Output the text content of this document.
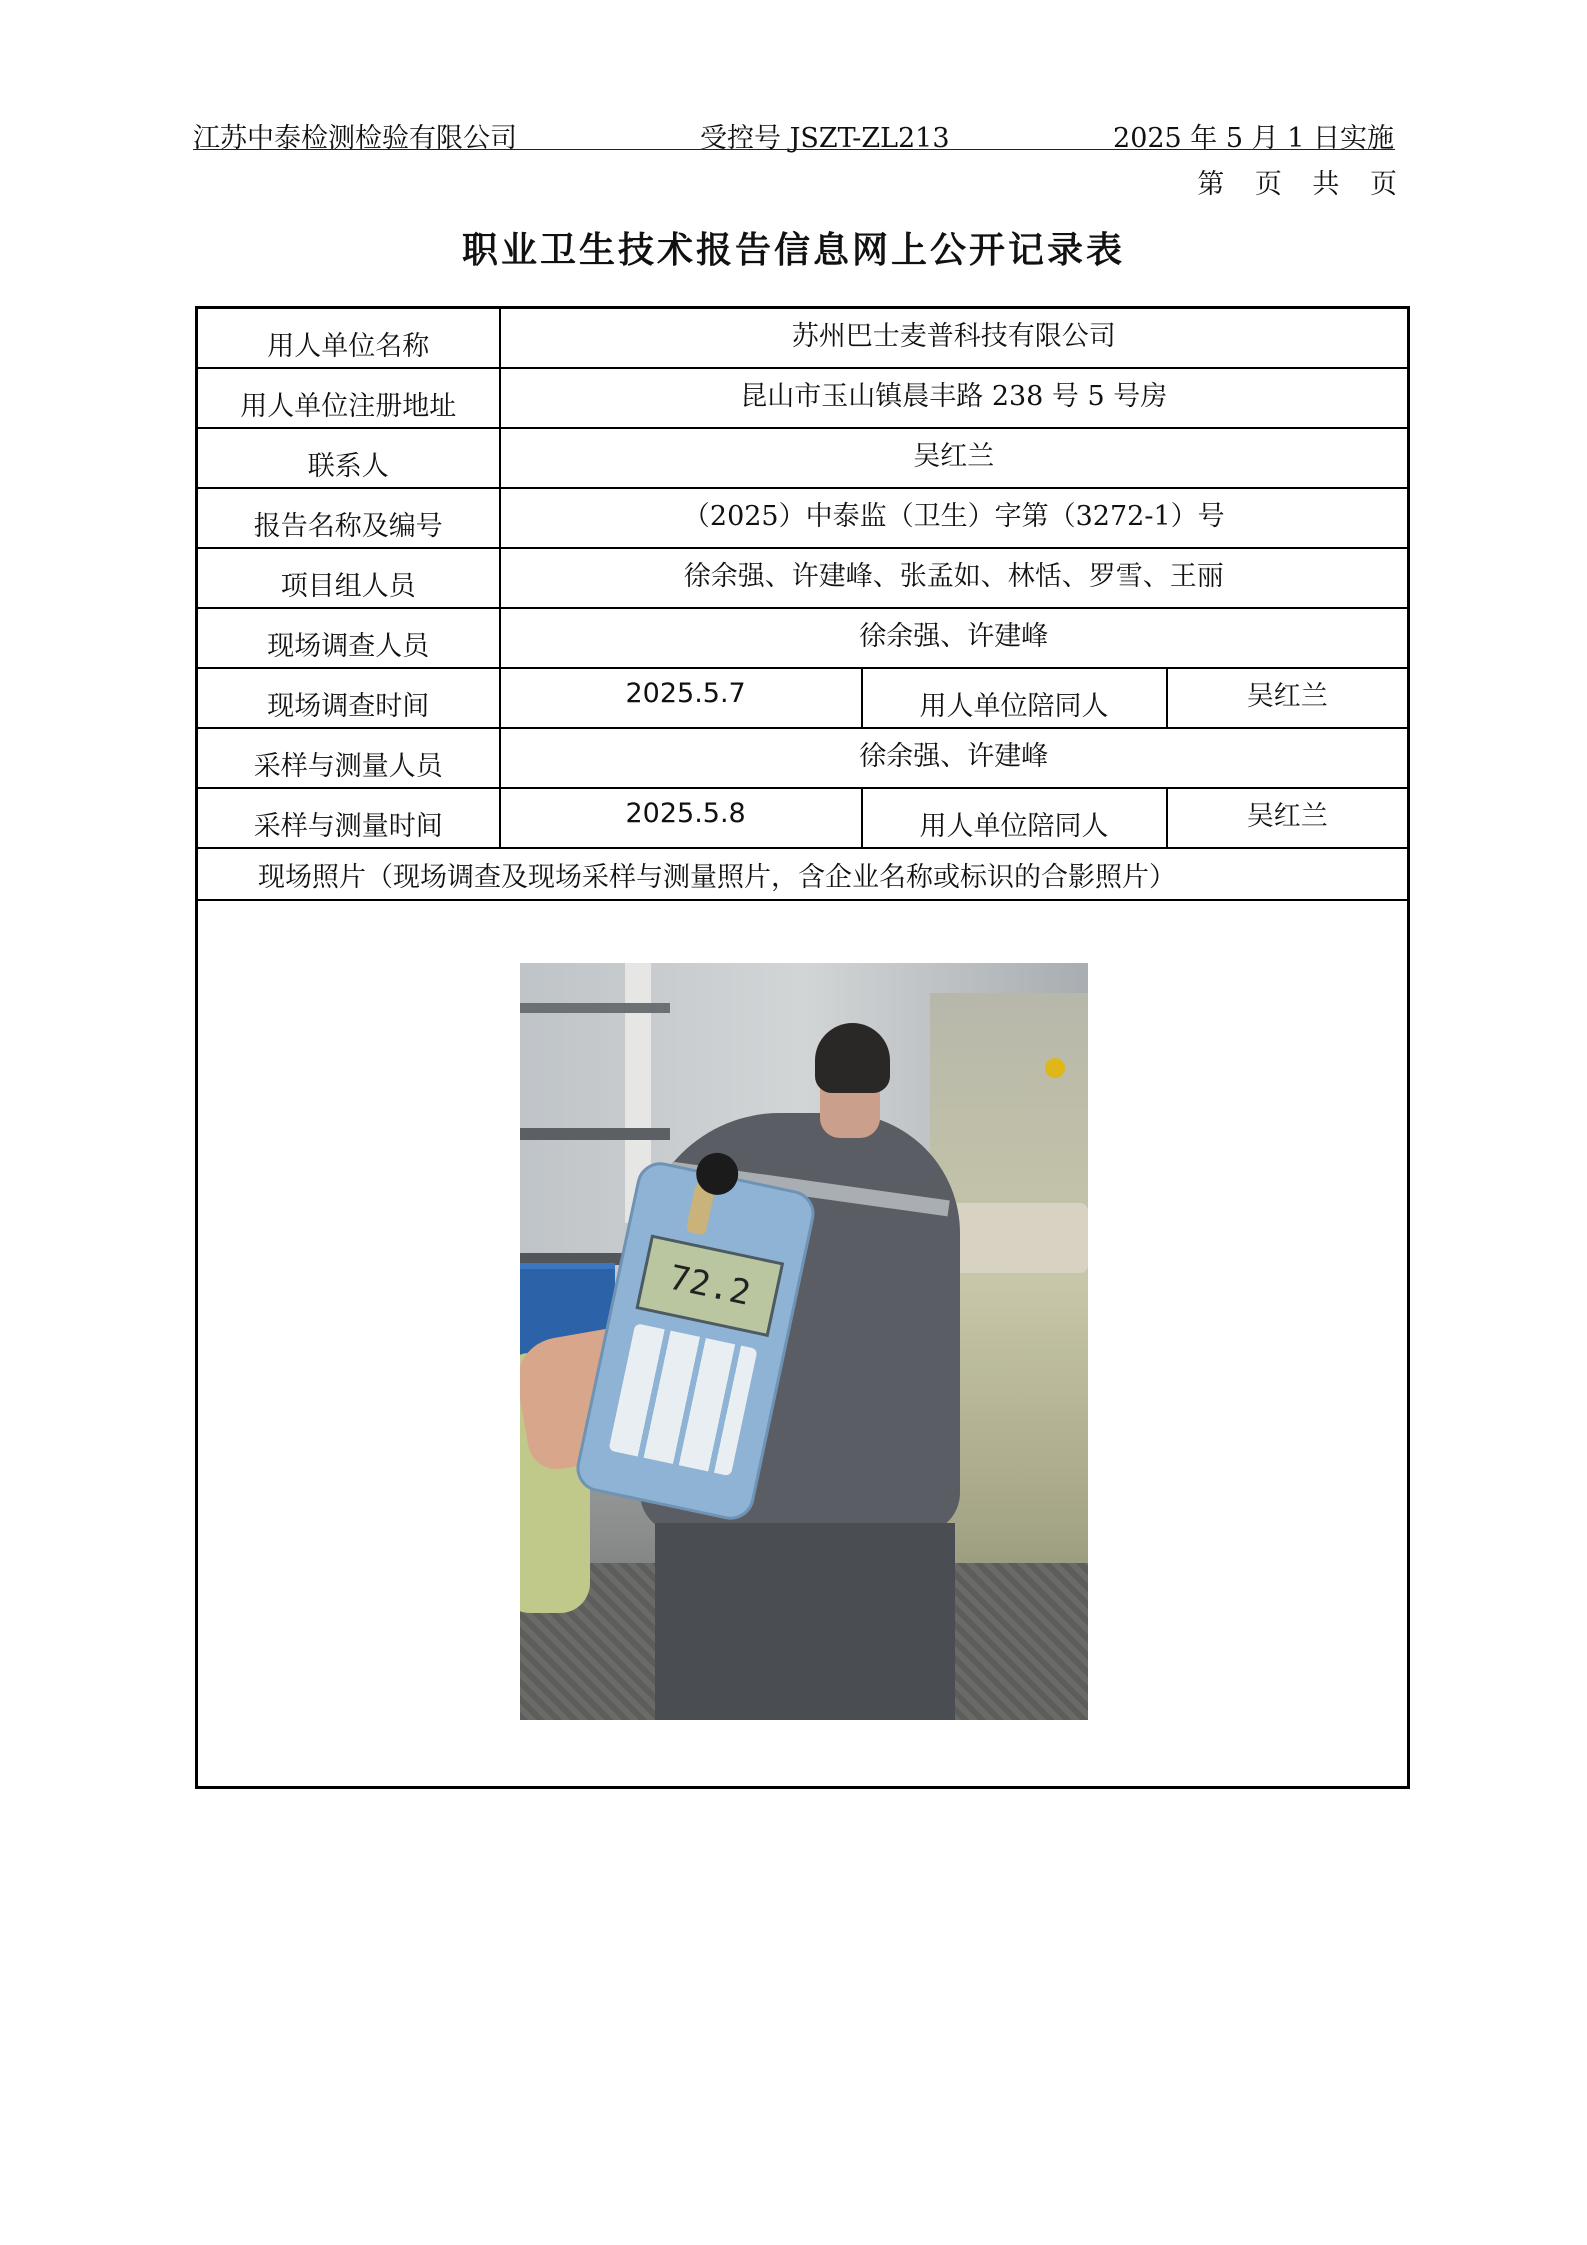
江苏中泰检测检验有限公司	受控号 JSZT-ZL213	2025 年 5 月 1 日实施
第 页 共 页
职业卫生技术报告信息网上公开记录表
用人单位名称	苏州巴士麦普科技有限公司		
用人单位注册地址	昆山市玉山镇晨丰路 238 号 5 号房		
联系人	吴红兰		
报告名称及编号	（2025）中泰监（卫生）字第（3272-1）号		
项目组人员	徐余强、许建峰、张孟如、林恬、罗雪、王丽		
现场调查人员	徐余强、许建峰		
现场调查时间	2025.5.7	用人单位陪同人	吴红兰
采样与测量人员	徐余强、许建峰		
采样与测量时间	2025.5.8	用人单位陪同人	吴红兰
现场照片（现场调查及现场采样与测量照片，含企业名称或标识的合影照片）			

72.2			
